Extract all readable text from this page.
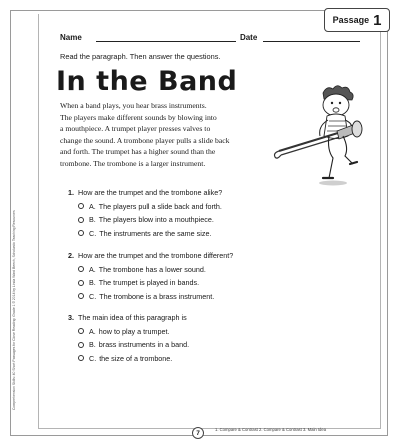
Passage 1
Name	Date
Read the paragraph. Then answer the questions.
In the Band
When a band plays, you hear brass instruments.
The players make different sounds by blowing into
a mouthpiece. A trumpet player presses valves to
change the sound. A trombone player pulls a slide back
and forth. The trumpet has a higher sound than the
trombone. The trombone is a larger instrument.
1. How are the trumpet and the trombone alike?
A. The players pull a slide back and forth.
B. The players blow into a mouthpiece.
C. The instruments are the same size.
2. How are the trumpet and the trombone different?
A. The trombone has a lower sound.
B. The trumpet is played in bands.
C. The trombone is a brass instrument.
3. The main idea of this paragraph is
A. how to play a trumpet.
B. brass instruments in a band.
C. the size of a trombone.
Comprehension Skills: 40 Short Passages for Close Reading: Grade 1 © 2014 by Linda Ward Beech, Scholastic Teaching Resources
7	1. Compare & Contrast 2. Compare & Contrast 3. Main Idea
